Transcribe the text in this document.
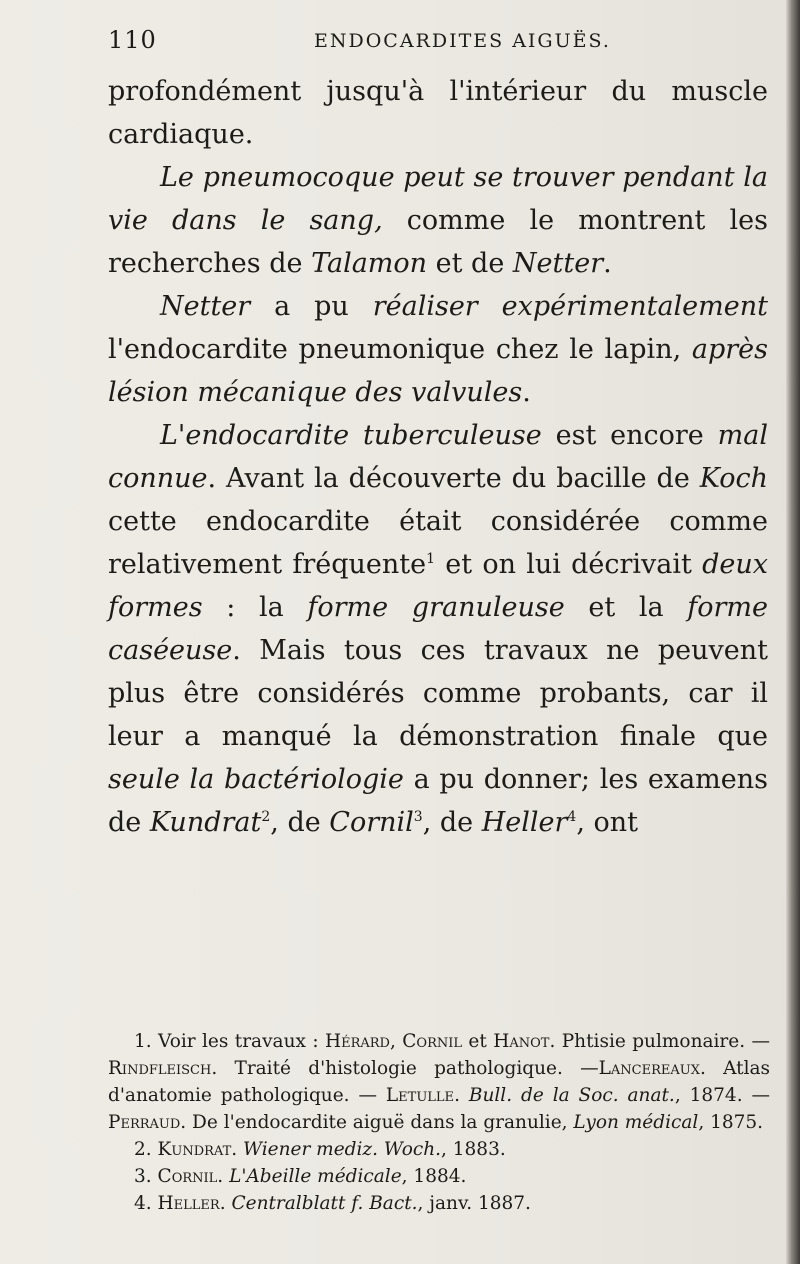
110	ENDOCARDITES AIGUËS.

profondément jusqu'à l'intérieur du muscle cardiaque.

Le pneumocoque peut se trouver pendant la vie dans le sang, comme le montrent les recherches de Talamon et de Netter.

Netter a pu réaliser expérimentalement l'endocardite pneumonique chez le lapin, après lésion mécanique des valvules.

L'endocardite tuberculeuse est encore mal connue. Avant la découverte du bacille de Koch cette endocardite était considérée comme relativement fréquente$^1$ et on lui décrivait deux formes : la forme granuleuse et la forme caséeuse. Mais tous ces travaux ne peuvent plus être considérés comme probants, car il leur a manqué la démonstration finale que seule la bactériologie a pu donner; les examens de Kundrat$^2$, de Cornil$^3$, de Heller$^4$, ont

1. Voir les travaux : Hérard, Cornil et Hanot. Phtisie pulmonaire. —Rindfleisch. Traité d'histologie pathologique. —Lancereaux. Atlas d'anatomie pathologique. — Letulle. Bull. de la Soc. anat., 1874. — Perraud. De l'endocardite aiguë dans la granulie, Lyon médical, 1875.

2. Kundrat. Wiener mediz. Woch., 1883.

3. Cornil. L'Abeille médicale, 1884.

4. Heller. Centralblatt f. Bact., janv. 1887.
